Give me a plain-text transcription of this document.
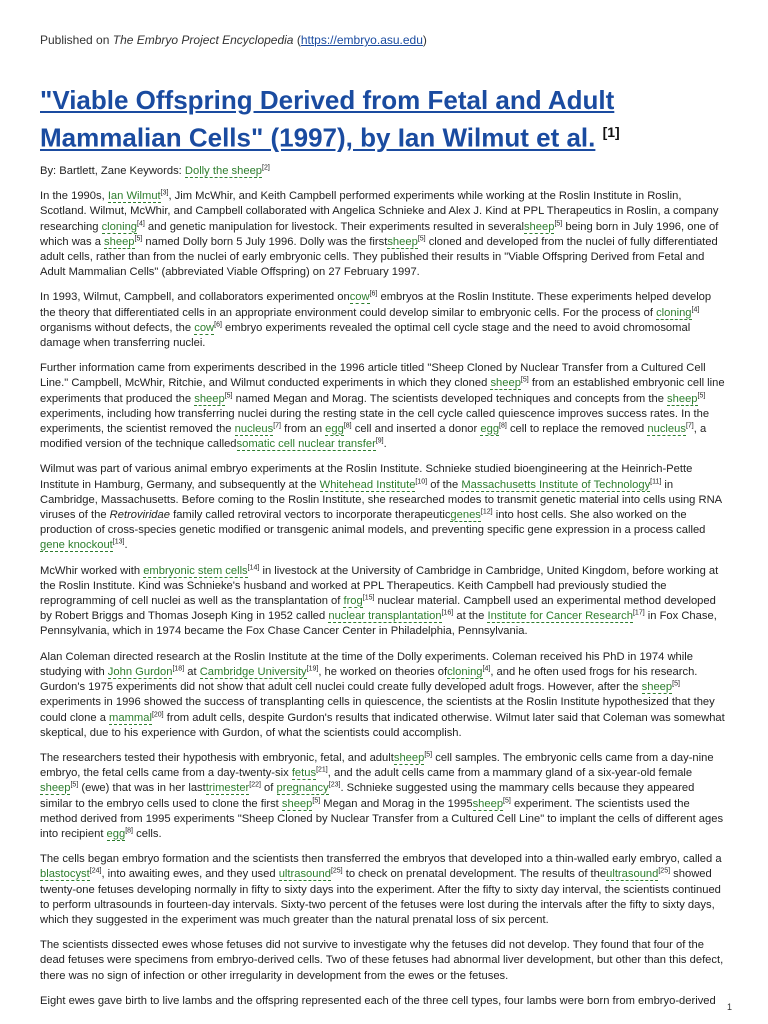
Published on The Embryo Project Encyclopedia (https://embryo.asu.edu)
"Viable Offspring Derived from Fetal and Adult Mammalian Cells" (1997), by Ian Wilmut et al. [1]

By: Bartlett, Zane Keywords: Dolly the sheep[2]

In the 1990s, Ian Wilmut[3], Jim McWhir, and Keith Campbell performed experiments while working at the Roslin Institute in Roslin, Scotland. Wilmut, McWhir, and Campbell collaborated with Angelica Schnieke and Alex J. Kind at PPL Therapeutics in Roslin, a company researching cloning[4] and genetic manipulation for livestock. Their experiments resulted in severalsheep[5] being born in July 1996, one of which was a sheep[5] named Dolly born 5 July 1996. Dolly was the firstsheep[5] cloned and developed from the nuclei of fully differentiated adult cells, rather than from the nuclei of early embryonic cells. They published their results in "Viable Offspring Derived from Fetal and Adult Mammalian Cells" (abbreviated Viable Offspring) on 27 February 1997.

In 1993, Wilmut, Campbell, and collaborators experimented oncow[6] embryos at the Roslin Institute. These experiments helped develop the theory that differentiated cells in an appropriate environment could develop similar to embryonic cells. For the process of cloning[4] organisms without defects, the cow[6] embryo experiments revealed the optimal cell cycle stage and the need to avoid chromosomal damage when transferring nuclei.

Further information came from experiments described in the 1996 article titled "Sheep Cloned by Nuclear Transfer from a Cultured Cell Line." Campbell, McWhir, Ritchie, and Wilmut conducted experiments in which they cloned sheep[5] from an established embryonic cell line experiments that produced the sheep[5] named Megan and Morag. The scientists developed techniques and concepts from the sheep[5] experiments, including how transferring nuclei during the resting state in the cell cycle called quiescence improves success rates. In the experiments, the scientist removed the nucleus[7] from an egg[8] cell and inserted a donor egg[8] cell to replace the removed nucleus[7], a modified version of the technique calledsomatic cell nuclear transfer[9].

Wilmut was part of various animal embryo experiments at the Roslin Institute. Schnieke studied bioengineering at the Heinrich-Pette Institute in Hamburg, Germany, and subsequently at the Whitehead Institute[10] of the Massachusetts Institute of Technology[11] in Cambridge, Massachusetts. Before coming to the Roslin Institute, she researched modes to transmit genetic material into cells using RNA viruses of the Retroviridae family called retroviral vectors to incorporate therapeuticgenes[12] into host cells. She also worked on the production of cross-species genetic modified or transgenic animal models, and preventing specific gene expression in a process called gene knockout[13].

McWhir worked with embryonic stem cells[14] in livestock at the University of Cambridge in Cambridge, United Kingdom, before working at the Roslin Institute. Kind was Schnieke's husband and worked at PPL Therapeutics. Keith Campbell had previously studied the reprogramming of cell nuclei as well as the transplantation of frog[15] nuclear material. Campbell used an experimental method developed by Robert Briggs and Thomas Joseph King in 1952 called nuclear transplantation[16] at the Institute for Cancer Research[17] in Fox Chase, Pennsylvania, which in 1974 became the Fox Chase Cancer Center in Philadelphia, Pennsylvania.

Alan Coleman directed research at the Roslin Institute at the time of the Dolly experiments. Coleman received his PhD in 1974 while studying with John Gurdon[18] at Cambridge University[19], he worked on theories ofcloning[4], and he often used frogs for his research. Gurdon's 1975 experiments did not show that adult cell nuclei could create fully developed adult frogs. However, after the sheep[5] experiments in 1996 showed the success of transplanting cells in quiescence, the scientists at the Roslin Institute hypothesized that they could clone a mammal[20] from adult cells, despite Gurdon's results that indicated otherwise. Wilmut later said that Coleman was somewhat skeptical, due to his experience with Gurdon, of what the scientists could accomplish.

The researchers tested their hypothesis with embryonic, fetal, and adultsheep[5] cell samples. The embryonic cells came from a day-nine embryo, the fetal cells came from a day-twenty-six fetus[21], and the adult cells came from a mammary gland of a six-year-old female sheep[5] (ewe) that was in her lasttrimester[22] of pregnancy[23]. Schnieke suggested using the mammary cells because they appeared similar to the embryo cells used to clone the first sheep[5] Megan and Morag in the 1995sheep[5] experiment. The scientists used the method derived from 1995 experiments "Sheep Cloned by Nuclear Transfer from a Cultured Cell Line" to implant the cells of different ages into recipient egg[8] cells.

The cells began embryo formation and the scientists then transferred the embryos that developed into a thin-walled early embryo, called a blastocyst[24], into awaiting ewes, and they used ultrasound[25] to check on prenatal development. The results of theultrasound[25] showed twenty-one fetuses developing normally in fifty to sixty days into the experiment. After the fifty to sixty day interval, the scientists continued to perform ultrasounds in fourteen-day intervals. Sixty-two percent of the fetuses were lost during the intervals after the fifty to sixty days, which they suggested in the experiment was much greater than the natural prenatal loss of six percent.

The scientists dissected ewes whose fetuses did not survive to investigate why the fetuses did not develop. They found that four of the dead fetuses were specimens from embryo-derived cells. Two of these fetuses had abnormal liver development, but other than this defect, there was no sign of infection or other irregularity in development from the ewes or the fetuses.

Eight ewes gave birth to live lambs and the offspring represented each of the three cell types, four lambs were born from embryo-derived

1
